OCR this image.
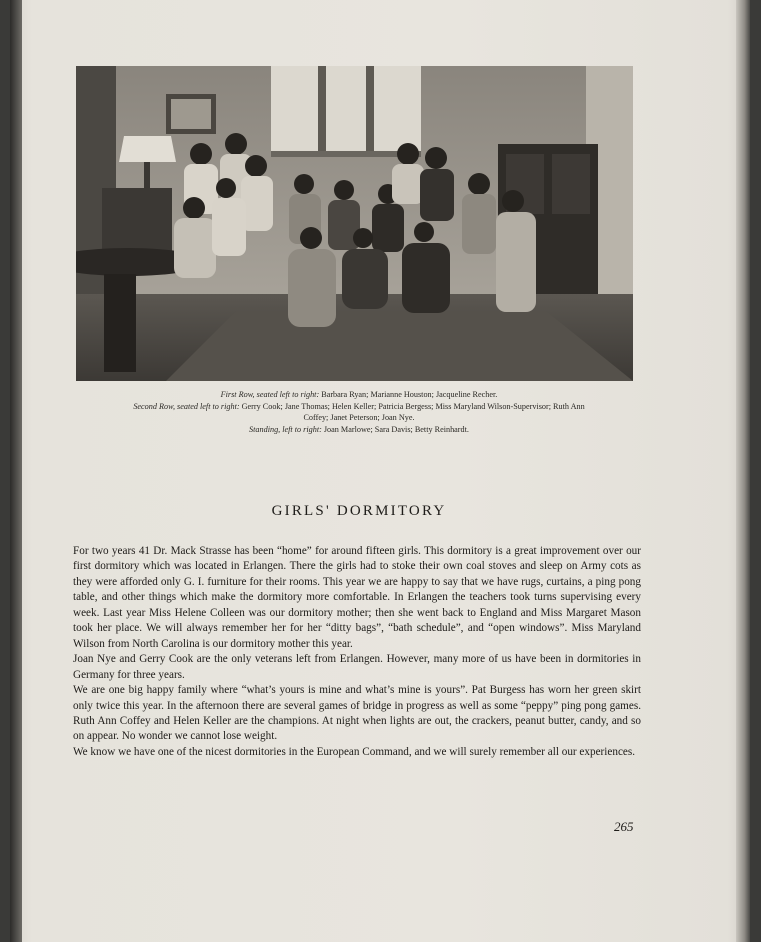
First Row, seated left to right: Barbara Ryan; Marianne Houston; Jacqueline Recher.
Second Row, seated left to right: Gerry Cook; Jane Thomas; Helen Keller; Patricia Bergess; Miss Maryland Wilson-Supervisor; Ruth Ann
Coffey; Janet Peterson; Joan Nye.
Standing, left to right: Joan Marlowe; Sara Davis; Betty Reinhardt.
GIRLS' DORMITORY

For two years 41 Dr. Mack Strasse has been “home” for around fifteen girls. This dormitory is a great improvement over our first dormitory which was located in Erlangen. There the girls had to stoke their own coal stoves and sleep on Army cots as they were afforded only G. I. furniture for their rooms. This year we are happy to say that we have rugs, curtains, a ping pong table, and other things which make the dormitory more comfortable. In Erlangen the teachers took turns supervising every week. Last year Miss Helene Colleen was our dormitory mother; then she went back to England and Miss Margaret Mason took her place. We will always remember her for her “ditty bags”, “bath schedule”, and “open windows”. Miss Maryland Wilson from North Carolina is our dormitory mother this year.

Joan Nye and Gerry Cook are the only veterans left from Erlangen. However, many more of us have been in dormitories in Germany for three years.

We are one big happy family where “what’s yours is mine and what’s mine is yours”. Pat Burgess has worn her green skirt only twice this year. In the afternoon there are several games of bridge in progress as well as some “peppy” ping pong games. Ruth Ann Coffey and Helen Keller are the champions. At night when lights are out, the crackers, peanut butter, candy, and so on appear. No wonder we cannot lose weight.

We know we have one of the nicest dormitories in the European Command, and we will surely remember all our experiences.

265
